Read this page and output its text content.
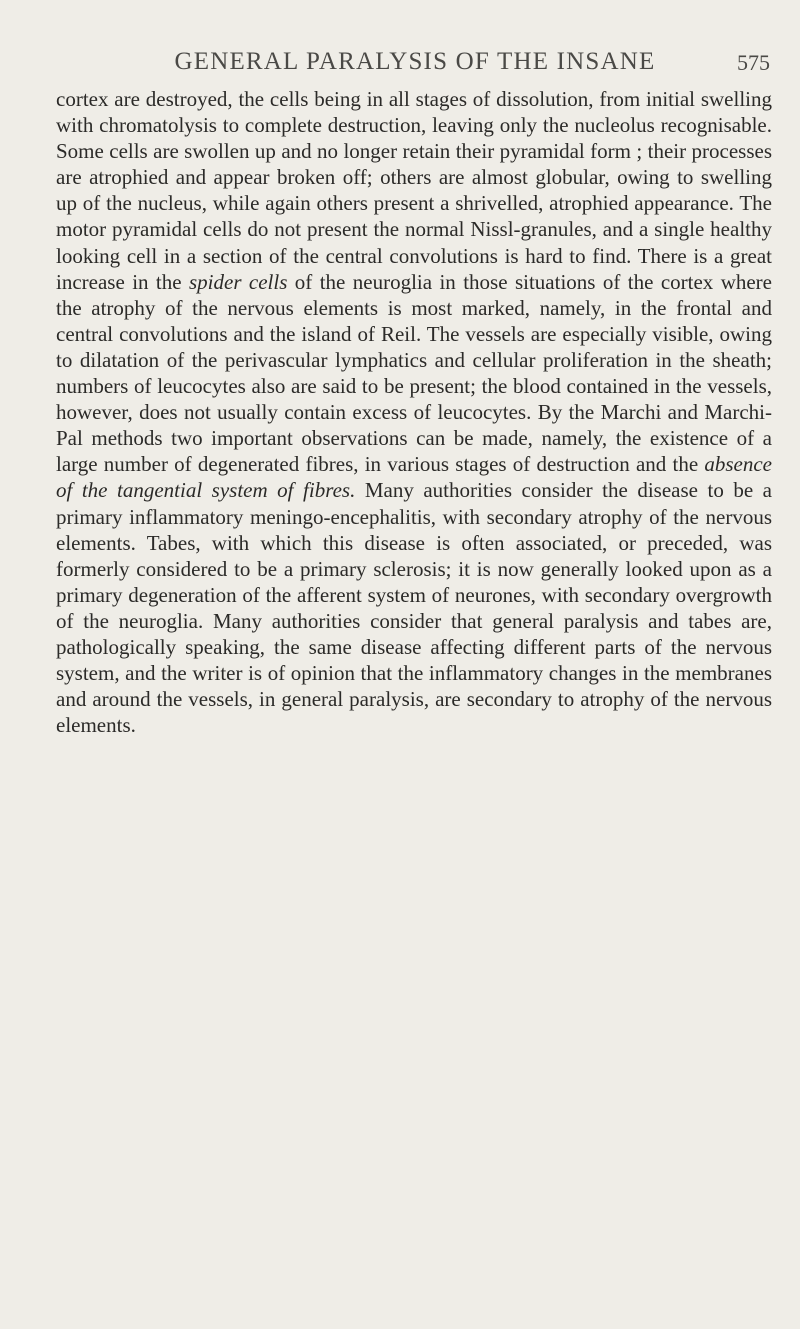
GENERAL PARALYSIS OF THE INSANE	575

cortex are destroyed, the cells being in all stages of dissolution, from initial swelling with chromatolysis to complete destruction, leaving only the nucleolus recognisable. Some cells are swollen up and no longer retain their pyramidal form ; their processes are atrophied and appear broken off; others are almost globular, owing to swelling up of the nucleus, while again others present a shrivelled, atrophied appearance. The motor pyramidal cells do not present the normal Nissl-granules, and a single healthy looking cell in a section of the central convolutions is hard to find. There is a great increase in the spider cells of the neuroglia in those situations of the cortex where the atrophy of the nervous elements is most marked, namely, in the frontal and central convolutions and the island of Reil. The vessels are especially visible, owing to dilatation of the perivascular lymphatics and cellular proliferation in the sheath; numbers of leucocytes also are said to be present; the blood contained in the vessels, however, does not usually contain excess of leucocytes. By the Marchi and Marchi-Pal methods two important observations can be made, namely, the existence of a large number of degenerated fibres, in various stages of destruction and the absence of the tangential system of fibres. Many authorities consider the disease to be a primary inflammatory meningo-encephalitis, with secondary atrophy of the nervous elements. Tabes, with which this disease is often associated, or preceded, was formerly considered to be a primary sclerosis; it is now generally looked upon as a primary degeneration of the afferent system of neurones, with secondary overgrowth of the neuroglia. Many authorities consider that general paralysis and tabes are, pathologically speaking, the same disease affecting different parts of the nervous system, and the writer is of opinion that the inflammatory changes in the membranes and around the vessels, in general paralysis, are secondary to atrophy of the nervous elements.
